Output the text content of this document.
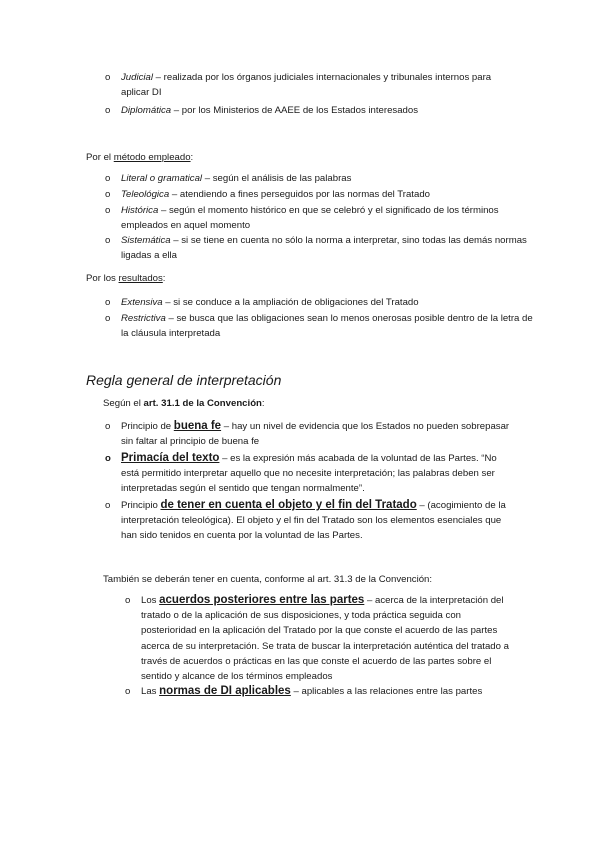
o Judicial – realizada por los órganos judiciales internacionales y tribunales internos para aplicar DI
o Diplomática – por los Ministerios de AAEE de los Estados interesados
Por el método empleado:
o Literal o gramatical – según el análisis de las palabras
o Teleológica – atendiendo a fines perseguidos por las normas del Tratado
o Histórica – según el momento histórico en que se celebró y el significado de los términos empleados en aquel momento
o Sistemática – si se tiene en cuenta no sólo la norma a interpretar, sino todas las demás normas ligadas a ella
Por los resultados:
o Extensiva – si se conduce a la ampliación de obligaciones del Tratado
o Restrictiva – se busca que las obligaciones sean lo menos onerosas posible dentro de la letra de la cláusula interpretada
Regla general de interpretación
Según el art. 31.1 de la Convención:
o Principio de buena fe – hay un nivel de evidencia que los Estados no pueden sobrepasar sin faltar al principio de buena fe
o Primacía del texto – es la expresión más acabada de la voluntad de las Partes. “No está permitido interpretar aquello que no necesite interpretación; las palabras deben ser interpretadas según el sentido que tengan normalmente”.
o Principio de tener en cuenta el objeto y el fin del Tratado – (acogimiento de la interpretación teleológica). El objeto y el fin del Tratado son los elementos esenciales que han sido tenidos en cuenta por la voluntad de las Partes.
También se deberán tener en cuenta, conforme al art. 31.3 de la Convención:
o Los acuerdos posteriores entre las partes – acerca de la interpretación del tratado o de la aplicación de sus disposiciones, y toda práctica seguida con posterioridad en la aplicación del Tratado por la que conste el acuerdo de las partes acerca de su interpretación. Se trata de buscar la interpretación auténtica del tratado a través de acuerdos o prácticas en las que conste el acuerdo de las partes sobre el sentido y alcance de los términos empleados
o Las normas de DI aplicables – aplicables a las relaciones entre las partes
